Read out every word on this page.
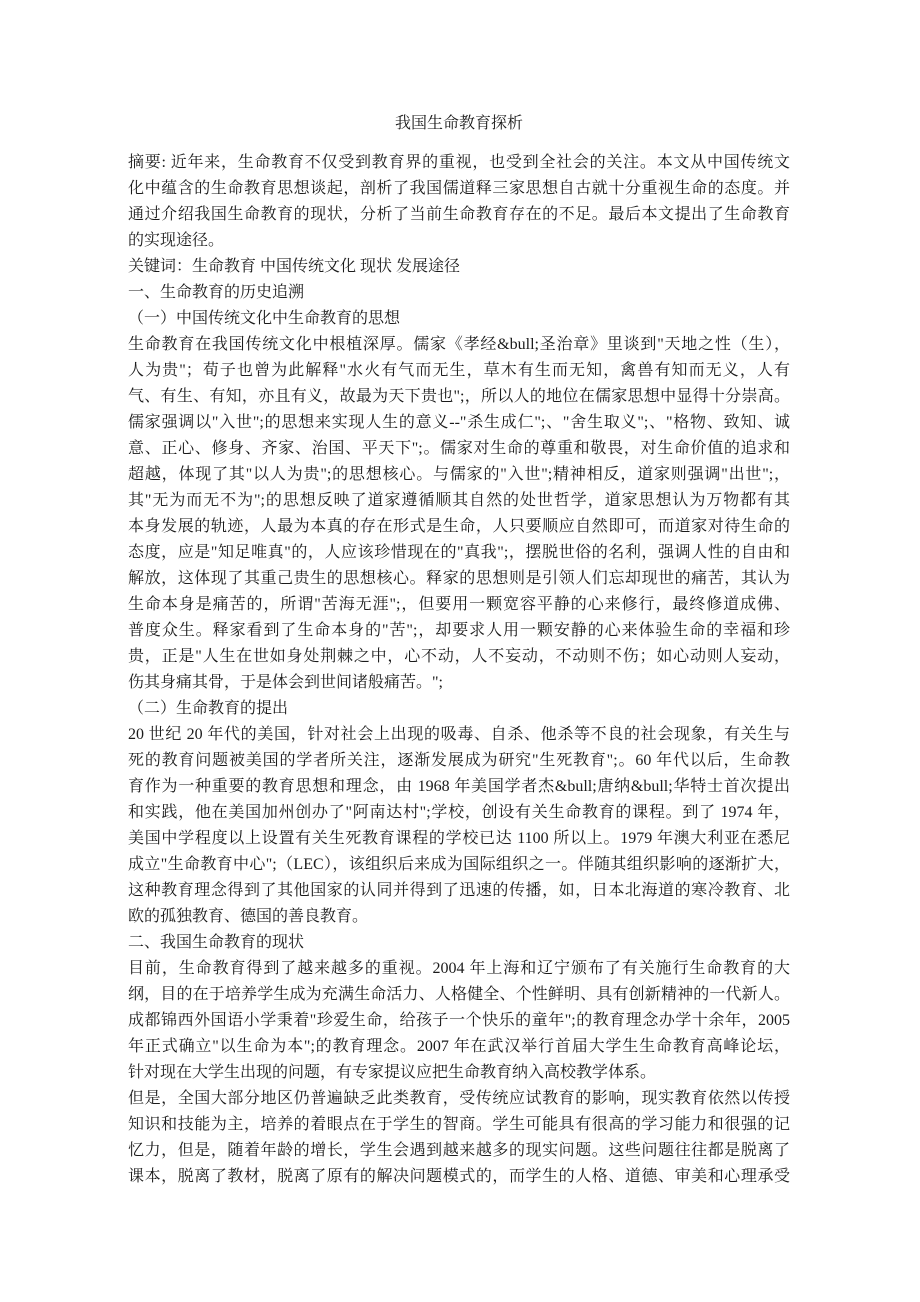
我国生命教育探析
摘要: 近年来，生命教育不仅受到教育界的重视，也受到全社会的关注。本文从中国传统文
化中蕴含的生命教育思想谈起，剖析了我国儒道释三家思想自古就十分重视生命的态度。并
通过介绍我国生命教育的现状，分析了当前生命教育存在的不足。最后本文提出了生命教育
的实现途径。
关键词：生命教育 中国传统文化 现状 发展途径
一、生命教育的历史追溯
（一）中国传统文化中生命教育的思想
生命教育在我国传统文化中根植深厚。儒家《孝经&bull;圣治章》里谈到"天地之性（生），
人为贵"；荀子也曾为此解释"水火有气而无生，草木有生而无知，禽兽有知而无义，人有
气、有生、有知，亦且有义，故最为天下贵也";，所以人的地位在儒家思想中显得十分崇高。
儒家强调以"入世";的思想来实现人生的意义--"杀生成仁";、"舍生取义";、"格物、致知、诚
意、正心、修身、齐家、治国、平天下";。儒家对生命的尊重和敬畏，对生命价值的追求和
超越，体现了其"以人为贵";的思想核心。与儒家的"入世";精神相反，道家则强调"出世";，
其"无为而无不为";的思想反映了道家遵循顺其自然的处世哲学，道家思想认为万物都有其
本身发展的轨迹，人最为本真的存在形式是生命，人只要顺应自然即可，而道家对待生命的
态度，应是"知足唯真"的，人应该珍惜现在的"真我";，摆脱世俗的名利，强调人性的自由和
解放，这体现了其重己贵生的思想核心。释家的思想则是引领人们忘却现世的痛苦，其认为
生命本身是痛苦的，所谓"苦海无涯";，但要用一颗宽容平静的心来修行，最终修道成佛、
普度众生。释家看到了生命本身的"苦";，却要求人用一颗安静的心来体验生命的幸福和珍
贵，正是"人生在世如身处荆棘之中，心不动，人不妄动，不动则不伤；如心动则人妄动，
伤其身痛其骨，于是体会到世间诸般痛苦。";
（二）生命教育的提出
20 世纪 20 年代的美国，针对社会上出现的吸毒、自杀、他杀等不良的社会现象，有关生与
死的教育问题被美国的学者所关注，逐渐发展成为研究"生死教育";。60 年代以后，生命教
育作为一种重要的教育思想和理念，由 1968 年美国学者杰&bull;唐纳&bull;华特士首次提出
和实践，他在美国加州创办了"阿南达村";学校，创设有关生命教育的课程。到了 1974 年，
美国中学程度以上设置有关生死教育课程的学校已达 1100 所以上。1979 年澳大利亚在悉尼
成立"生命教育中心";（LEC），该组织后来成为国际组织之一。伴随其组织影响的逐渐扩大，
这种教育理念得到了其他国家的认同并得到了迅速的传播，如，日本北海道的寒冷教育、北
欧的孤独教育、德国的善良教育。
二、我国生命教育的现状
目前，生命教育得到了越来越多的重视。2004 年上海和辽宁颁布了有关施行生命教育的大
纲，目的在于培养学生成为充满生命活力、人格健全、个性鲜明、具有创新精神的一代新人。
成都锦西外国语小学秉着"珍爱生命，给孩子一个快乐的童年";的教育理念办学十余年，2005
年正式确立"以生命为本";的教育理念。2007 年在武汉举行首届大学生生命教育高峰论坛，
针对现在大学生出现的问题，有专家提议应把生命教育纳入高校教学体系。
但是，全国大部分地区仍普遍缺乏此类教育，受传统应试教育的影响，现实教育依然以传授
知识和技能为主，培养的着眼点在于学生的智商。学生可能具有很高的学习能力和很强的记
忆力，但是，随着年龄的增长，学生会遇到越来越多的现实问题。这些问题往往都是脱离了
课本，脱离了教材，脱离了原有的解决问题模式的，而学生的人格、道德、审美和心理承受
